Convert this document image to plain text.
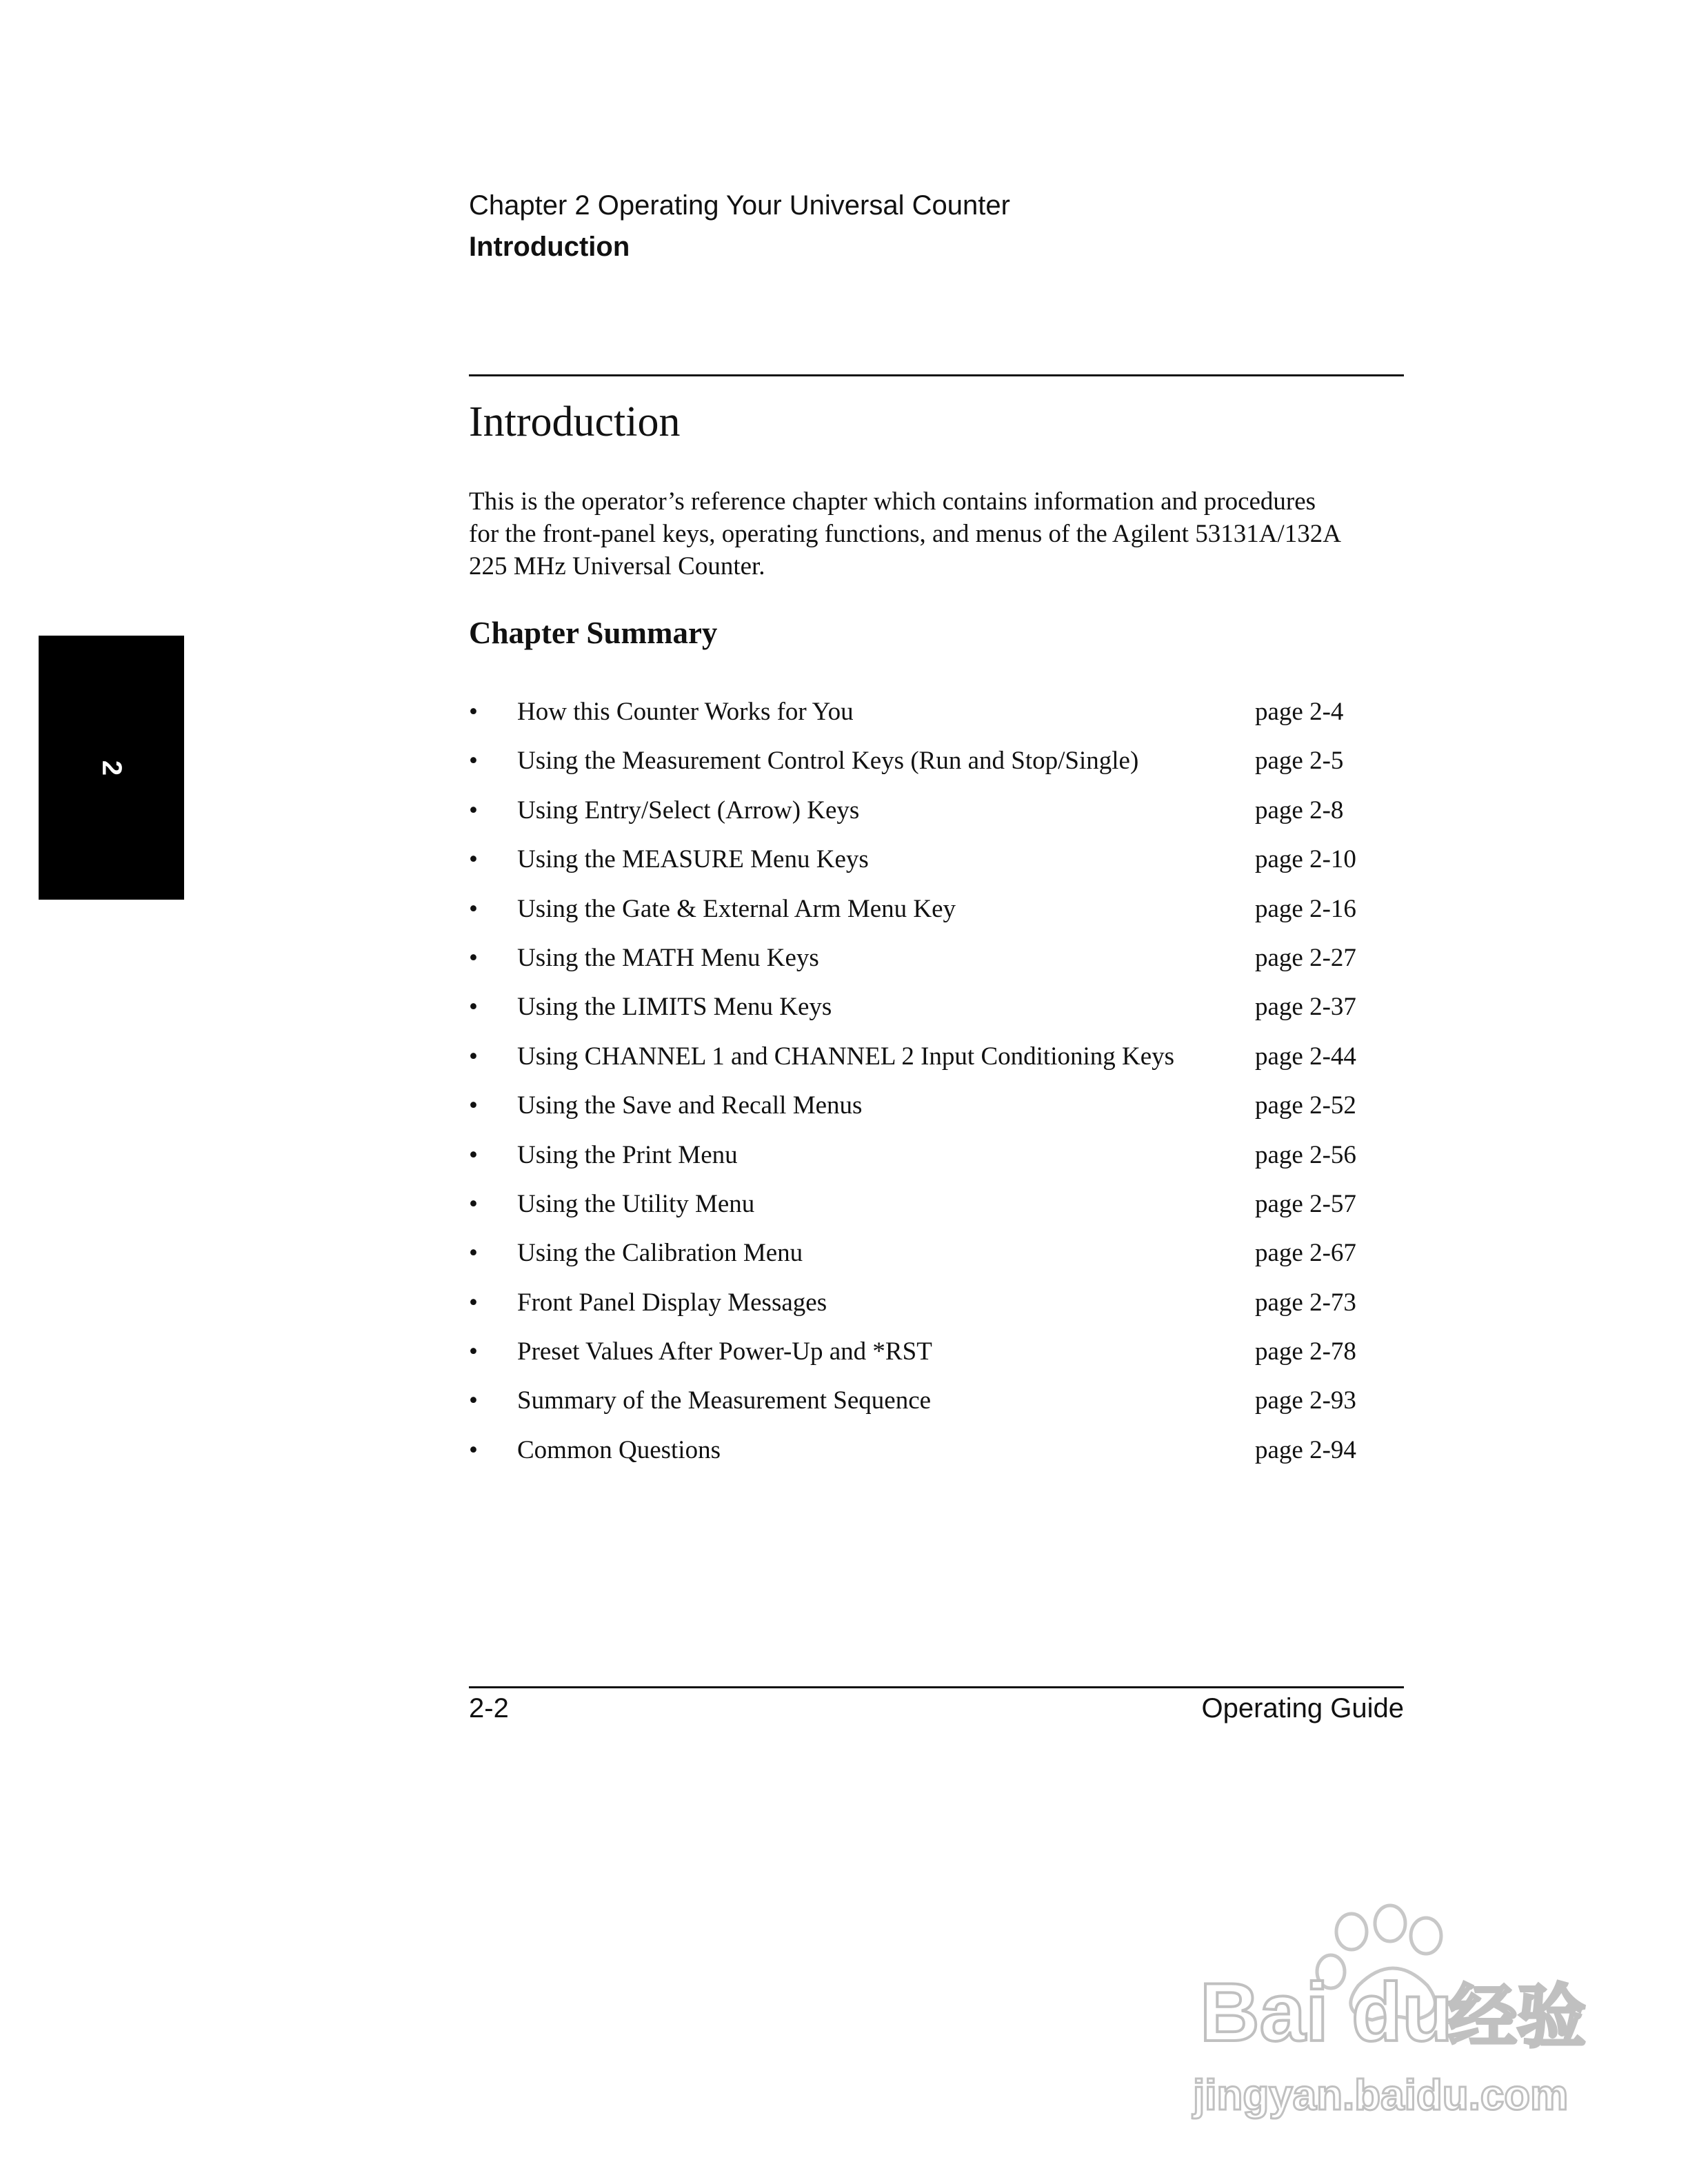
Chapter 2 Operating Your Universal Counter
Introduction
Introduction
This is the operator’s reference chapter which contains information and procedures
for the front-panel keys, operating functions, and menus of the Agilent 53131A/132A
225 MHz Universal Counter.
Chapter Summary
• How this Counter Works for You	page 2-4
• Using the Measurement Control Keys (Run and Stop/Single)	page 2-5
• Using Entry/Select (Arrow) Keys	page 2-8
• Using the MEASURE Menu Keys	page 2-10
• Using the Gate & External Arm Menu Key	page 2-16
• Using the MATH Menu Keys	page 2-27
• Using the LIMITS Menu Keys	page 2-37
• Using CHANNEL 1 and CHANNEL 2 Input Conditioning Keys	page 2-44
• Using the Save and Recall Menus	page 2-52
• Using the Print Menu	page 2-56
• Using the Utility Menu	page 2-57
• Using the Calibration Menu	page 2-67
• Front Panel Display Messages	page 2-73
• Preset Values After Power-Up and *RST	page 2-78
• Summary of the Measurement Sequence	page 2-93
• Common Questions	page 2-94
2
2-2	Operating Guide
Bai du
经验
jingyan.baidu.com
